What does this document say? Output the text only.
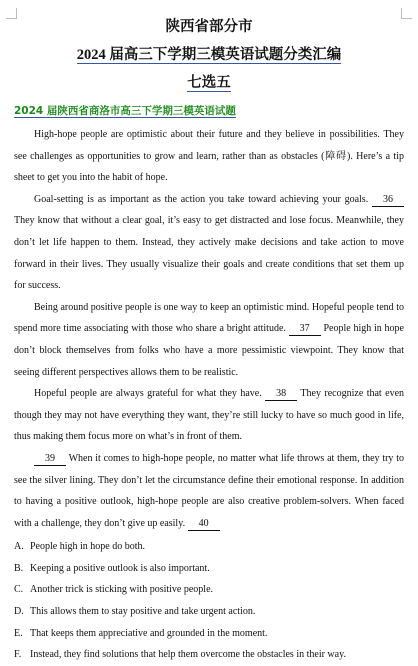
陕西省部分市
2024 届高三下学期三模英语试题分类汇编
七选五
2024 届陕西省商洛市高三下学期三模英语试题

High-hope people are optimistic about their future and they believe in possibilities. They see challenges as opportunities to grow and learn, rather than as obstacles (障碍). Here’s a tip sheet to get you into the habit of hope.

Goal-setting is as important as the action you take toward achieving your goals. 36 They know that without a clear goal, it’s easy to get distracted and lose focus. Meanwhile, they don’t let life happen to them. Instead, they actively make decisions and take action to move forward in their lives. They usually visualize their goals and create conditions that set them up for success.

Being around positive people is one way to keep an optimistic mind. Hopeful people tend to spend more time associating with those who share a bright attitude. 37 People high in hope don’t block themselves from folks who have a more pessimistic viewpoint. They know that seeing different perspectives allows them to be realistic.

Hopeful people are always grateful for what they have. 38 They recognize that even though they may not have everything they want, they’re still lucky to have so much good in life, thus making them focus more on what’s in front of them.

39 When it comes to high-hope people, no matter what life throws at them, they try to see the silver lining. They don’t let the circumstance define their emotional response. In addition to having a positive outlook, high-hope people are also creative problem-solvers. When faced with a challenge, they don’t give up easily. 40

A. People high in hope do both.
B. Keeping a positive outlook is also important.
C. Another trick is sticking with positive people.
D. This allows them to stay positive and take urgent action.
E. That keeps them appreciative and grounded in the moment.
F. Instead, they find solutions that help them overcome the obstacles in their way.
